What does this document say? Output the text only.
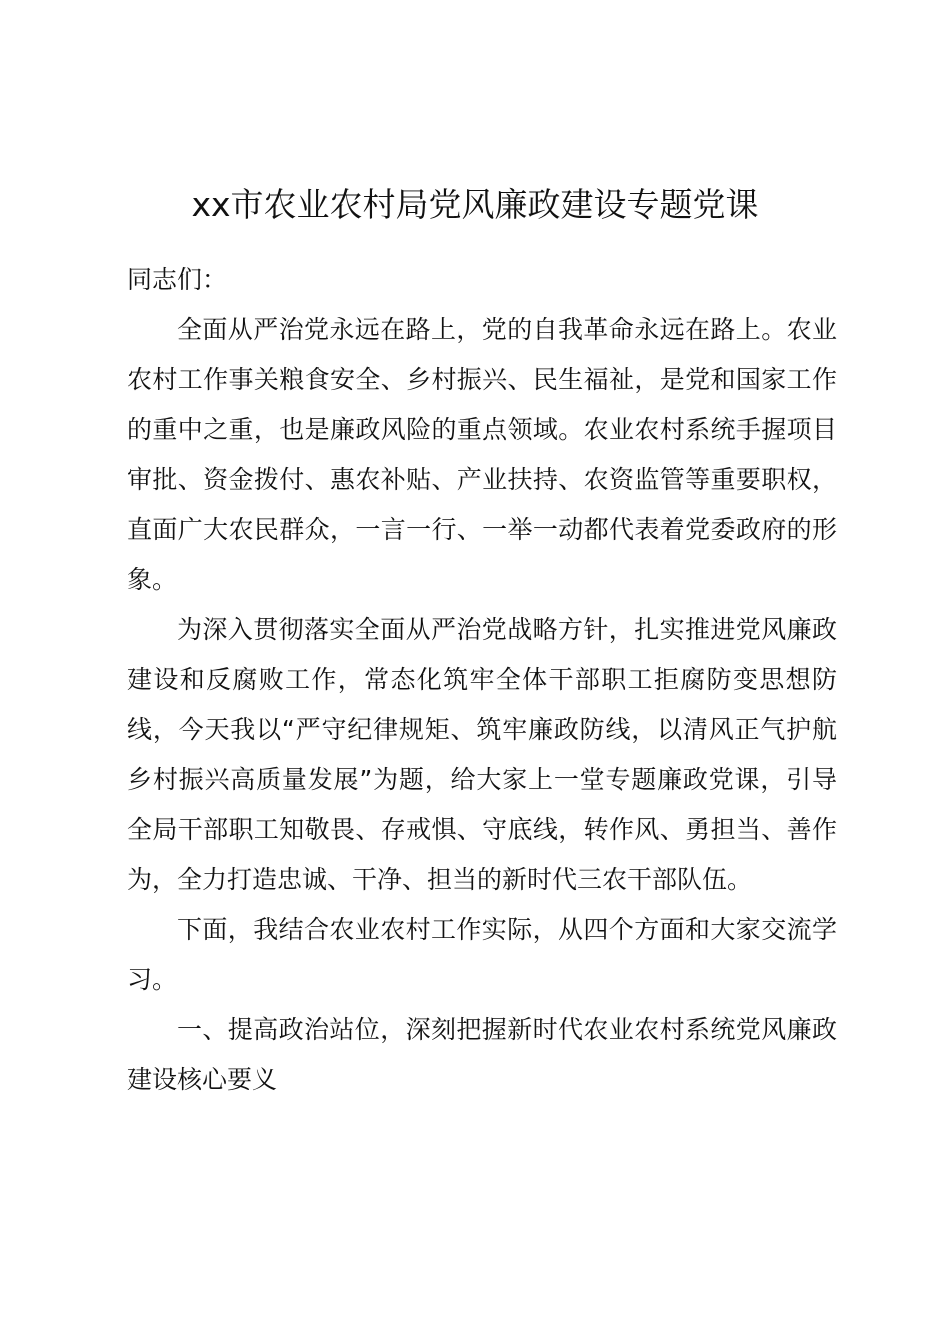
xx市农业农村局党风廉政建设专题党课

同志们：

全面从严治党永远在路上，党的自我革命永远在路上。农业农村工作事关粮食安全、乡村振兴、民生福祉，是党和国家工作的重中之重，也是廉政风险的重点领域。农业农村系统手握项目审批、资金拨付、惠农补贴、产业扶持、农资监管等重要职权，直面广大农民群众，一言一行、一举一动都代表着党委政府的形象。

为深入贯彻落实全面从严治党战略方针，扎实推进党风廉政建设和反腐败工作，常态化筑牢全体干部职工拒腐防变思想防线，今天我以“严守纪律规矩、筑牢廉政防线，以清风正气护航乡村振兴高质量发展”为题，给大家上一堂专题廉政党课，引导全局干部职工知敬畏、存戒惧、守底线，转作风、勇担当、善作为，全力打造忠诚、干净、担当的新时代三农干部队伍。

下面，我结合农业农村工作实际，从四个方面和大家交流学习。

一、提高政治站位，深刻把握新时代农业农村系统党风廉政建设核心要义
